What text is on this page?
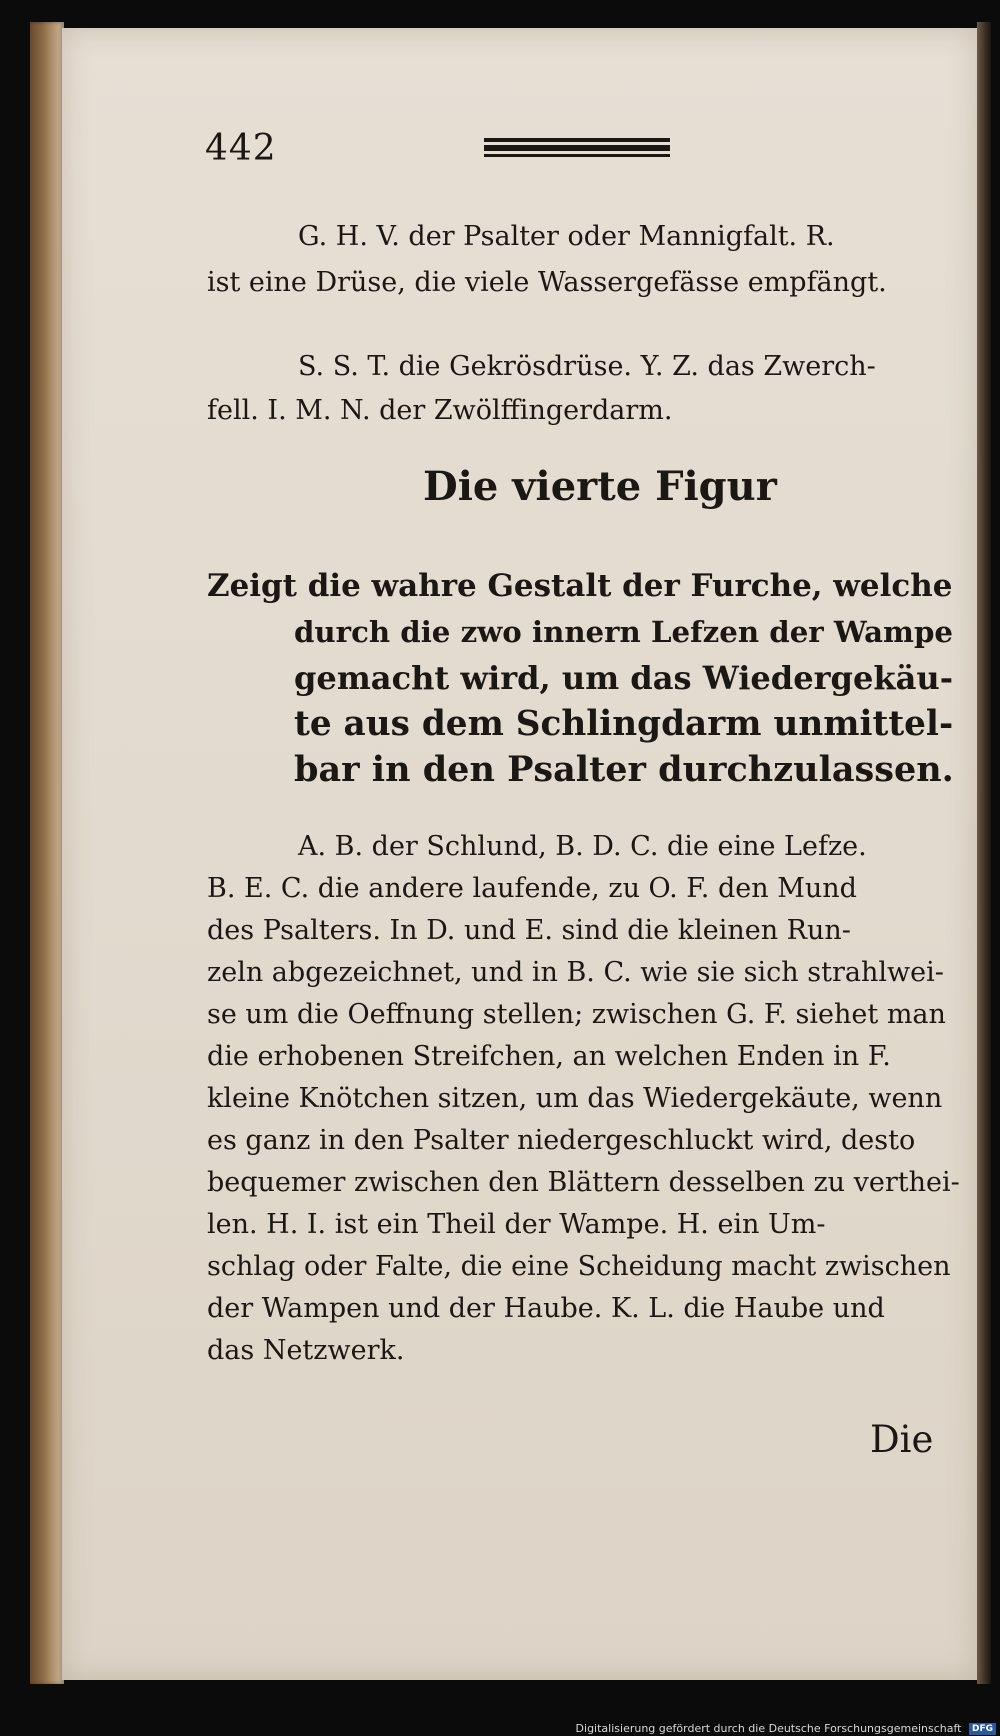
442
G. H. V. der Psalter oder Mannigfalt. R.
ist eine Drüse, die viele Wassergefässe empfängt.
S. S. T. die Gekrösdrüse. Y. Z. das Zwerch-
fell. I. M. N. der Zwölffingerdarm.
Die vierte Figur
Zeigt die wahre Gestalt der Furche, welche
durch die zwo innern Lefzen der Wampe
gemacht wird, um das Wiedergekäu-
te aus dem Schlingdarm unmittel-
bar in den Psalter durchzulassen.
A. B. der Schlund, B. D. C. die eine Lefze.
B. E. C. die andere laufende, zu O. F. den Mund
des Psalters. In D. und E. sind die kleinen Run-
zeln abgezeichnet, und in B. C. wie sie sich strahlwei-
se um die Oeffnung stellen; zwischen G. F. siehet man
die erhobenen Streifchen, an welchen Enden in F.
kleine Knötchen sitzen, um das Wiedergekäute, wenn
es ganz in den Psalter niedergeschluckt wird, desto
bequemer zwischen den Blättern desselben zu verthei-
len. H. I. ist ein Theil der Wampe. H. ein Um-
schlag oder Falte, die eine Scheidung macht zwischen
der Wampen und der Haube. K. L. die Haube und
das Netzwerk.
Die
Digitalisierung gefördert durch die Deutsche Forschungsgemeinschaft DFG
